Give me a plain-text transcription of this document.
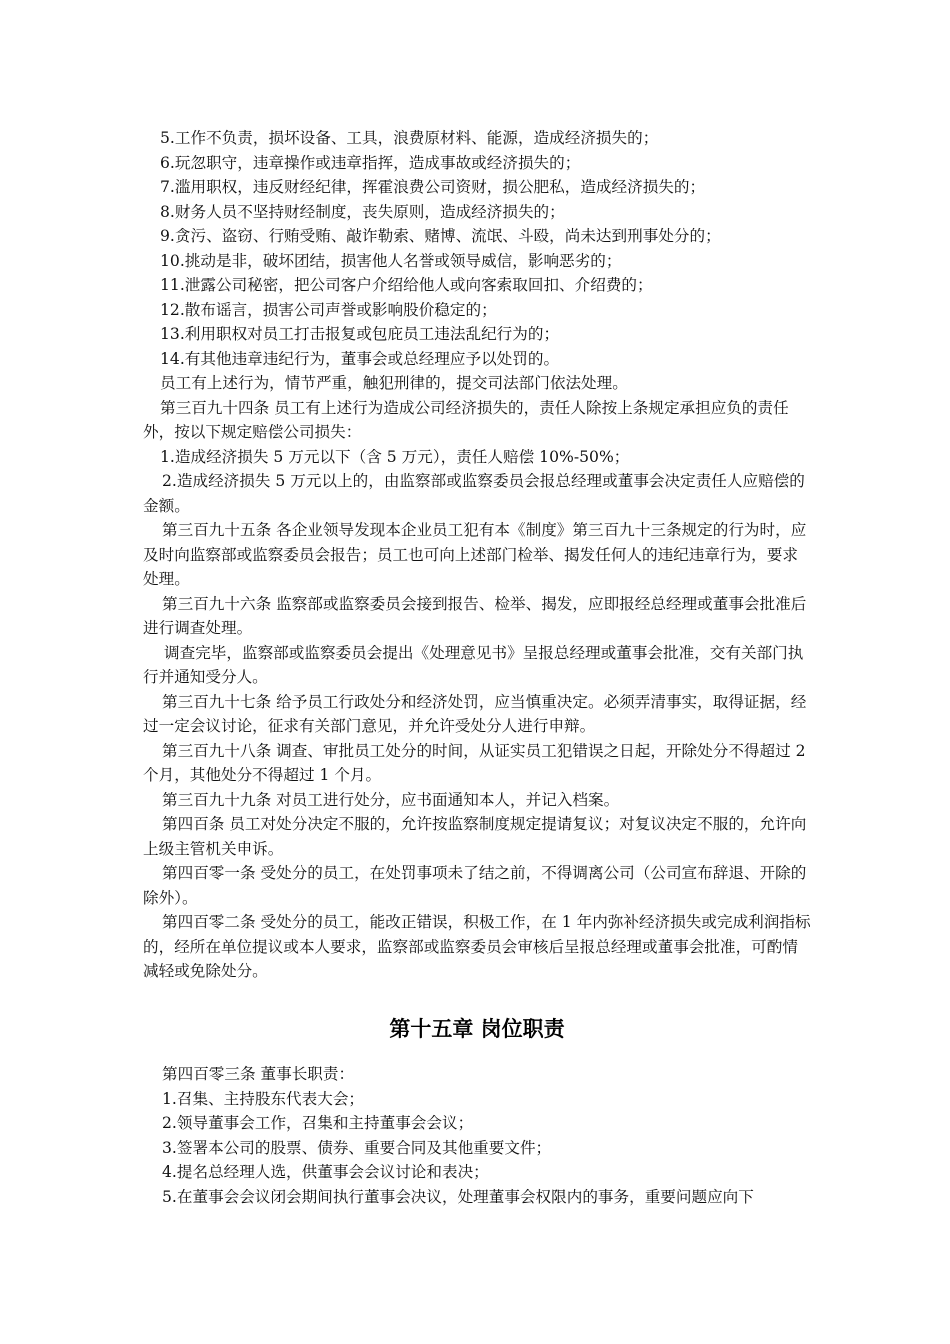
5.工作不负责，损坏设备、工具，浪费原材料、能源，造成经济损失的；

6.玩忽职守，违章操作或违章指挥，造成事故或经济损失的；

7.滥用职权，违反财经纪律，挥霍浪费公司资财，损公肥私，造成经济损失的；

8.财务人员不坚持财经制度，丧失原则，造成经济损失的；

9.贪污、盗窃、行贿受贿、敲诈勒索、赌博、流氓、斗殴，尚未达到刑事处分的；

10.挑动是非，破坏团结，损害他人名誉或领导威信，影响恶劣的；

11.泄露公司秘密，把公司客户介绍给他人或向客索取回扣、介绍费的；

12.散布谣言，损害公司声誉或影响股价稳定的；

13.利用职权对员工打击报复或包庇员工违法乱纪行为的；

14.有其他违章违纪行为，董事会或总经理应予以处罚的。

员工有上述行为，情节严重，触犯刑律的，提交司法部门依法处理。

第三百九十四条 员工有上述行为造成公司经济损失的，责任人除按上条规定承担应负的责任外，按以下规定赔偿公司损失：

1.造成经济损失 5 万元以下（含 5 万元），责任人赔偿 10%-50%；

2.造成经济损失 5 万元以上的，由监察部或监察委员会报总经理或董事会决定责任人应赔偿的金额。

第三百九十五条 各企业领导发现本企业员工犯有本《制度》第三百九十三条规定的行为时，应及时向监察部或监察委员会报告；员工也可向上述部门检举、揭发任何人的违纪违章行为，要求处理。

第三百九十六条 监察部或监察委员会接到报告、检举、揭发，应即报经总经理或董事会批准后进行调查处理。

调查完毕，监察部或监察委员会提出《处理意见书》呈报总经理或董事会批准，交有关部门执行并通知受分人。

第三百九十七条 给予员工行政处分和经济处罚，应当慎重决定。必须弄清事实，取得证据，经过一定会议讨论，征求有关部门意见，并允许受处分人进行申辩。

第三百九十八条 调查、审批员工处分的时间，从证实员工犯错误之日起，开除处分不得超过 2 个月，其他处分不得超过 1 个月。

第三百九十九条 对员工进行处分，应书面通知本人，并记入档案。

第四百条 员工对处分决定不服的，允许按监察制度规定提请复议；对复议决定不服的，允许向上级主管机关申诉。

第四百零一条 受处分的员工，在处罚事项未了结之前，不得调离公司（公司宣布辞退、开除的除外）。

第四百零二条 受处分的员工，能改正错误，积极工作，在 1 年内弥补经济损失或完成利润指标的，经所在单位提议或本人要求，监察部或监察委员会审核后呈报总经理或董事会批准，可酌情减轻或免除处分。

第十五章 岗位职责

第四百零三条 董事长职责：

1.召集、主持股东代表大会；

2.领导董事会工作，召集和主持董事会会议；

3.签署本公司的股票、债券、重要合同及其他重要文件；

4.提名总经理人选，供董事会会议讨论和表决；

5.在董事会会议闭会期间执行董事会决议，处理董事会权限内的事务，重要问题应向下
